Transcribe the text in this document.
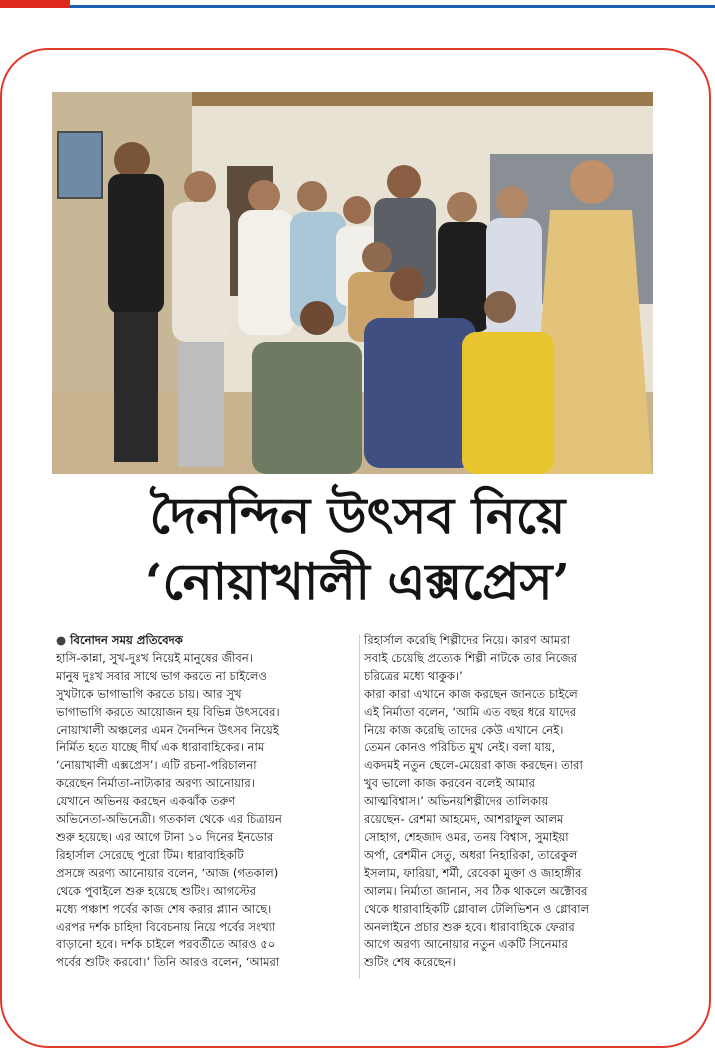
দৈনন্দিন উৎসব নিয়ে
‘নোয়াখালী এক্সপ্রেস’

● বিনোদন সময় প্রতিবেদক

হাসি-কান্না, সুখ-দুঃখ নিয়েই মানুষের জীবন।

মানুষ দুঃখ সবার সাথে ভাগ করতে না চাইলেও

সুখটাকে ভাগাভাগি করতে চায়। আর সুখ

ভাগাভাগি করতে আয়োজন হয় বিভিন্ন উৎসবের।

নোয়াখালী অঞ্চলের এমন দৈনন্দিন উৎসব নিয়েই

নির্মিত হতে যাচ্ছে দীর্ঘ এক ধারাবাহিকের। নাম

‘নোয়াখালী এক্সপ্রেস’। এটি রচনা-পরিচালনা

করেছেন নির্মাতা-নাট্যকার অরণ্য আনোয়ার।

যেখানে অভিনয় করছেন একঝাঁক তরুণ

অভিনেতা-অভিনেত্রী। গতকাল থেকে এর চিত্রায়ন

শুরু হয়েছে। এর আগে টানা ১০ দিনের ইনডোর

রিহার্সাল সেরেছে পুরো টিম। ধারাবাহিকটি

প্রসঙ্গে অরণ্য আনোয়ার বলেন, ‘আজ (গতকাল)

থেকে পুবাইলে শুরু হয়েছে শুটিং। আগস্টের

মধ্যে পঞ্চাশ পর্বের কাজ শেষ করার প্ল্যান আছে।

এরপর দর্শক চাহিদা বিবেচনায় নিয়ে পর্বের সংখ্যা

বাড়ানো হবে। দর্শক চাইলে পরবর্তীতে আরও ৫০

পর্বের শুটিং করবো।’ তিনি আরও বলেন, ‘আমরা

রিহার্সাল করেছি শিল্পীদের নিয়ে। কারণ আমরা

সবাই চেয়েছি প্রত্যেক শিল্পী নাটকে তার নিজের

চরিত্রের মধ্যে থাকুক।’

কারা কারা এখানে কাজ করছেন জানতে চাইলে

এই নির্মাতা বলেন, ‘আমি এত বছর ধরে যাদের

নিয়ে কাজ করেছি তাদের কেউ এখানে নেই।

তেমন কোনও পরিচিত মুখ নেই। বলা যায়,

একদমই নতুন ছেলে-মেয়েরা কাজ করছেন। তারা

খুব ভালো কাজ করবেন বলেই আমার

আত্মবিশ্বাস।’ অভিনয়শিল্পীদের তালিকায়

রয়েছেন- রেশমা আহমেদ, আশরাফুল আলম

সোহাগ, শেহজাদ ওমর, তনয় বিশ্বাস, সুমাইয়া

অর্পা, রেশমীন সেতু, অধরা নিহারিকা, তারেকুল

ইসলাম, ফারিয়া, শর্মী, রেবেকা মুক্তা ও জাহাঙ্গীর

আলম। নির্মাতা জানান, সব ঠিক থাকলে অক্টোবর

থেকে ধারাবাহিকটি গ্লোবাল টেলিভিশন ও গ্লোবাল

অনলাইনে প্রচার শুরু হবে। ধারাবাহিকে ফেরার

আগে অরণ্য আনোয়ার নতুন একটি সিনেমার

শুটিং শেষ করেছেন।
